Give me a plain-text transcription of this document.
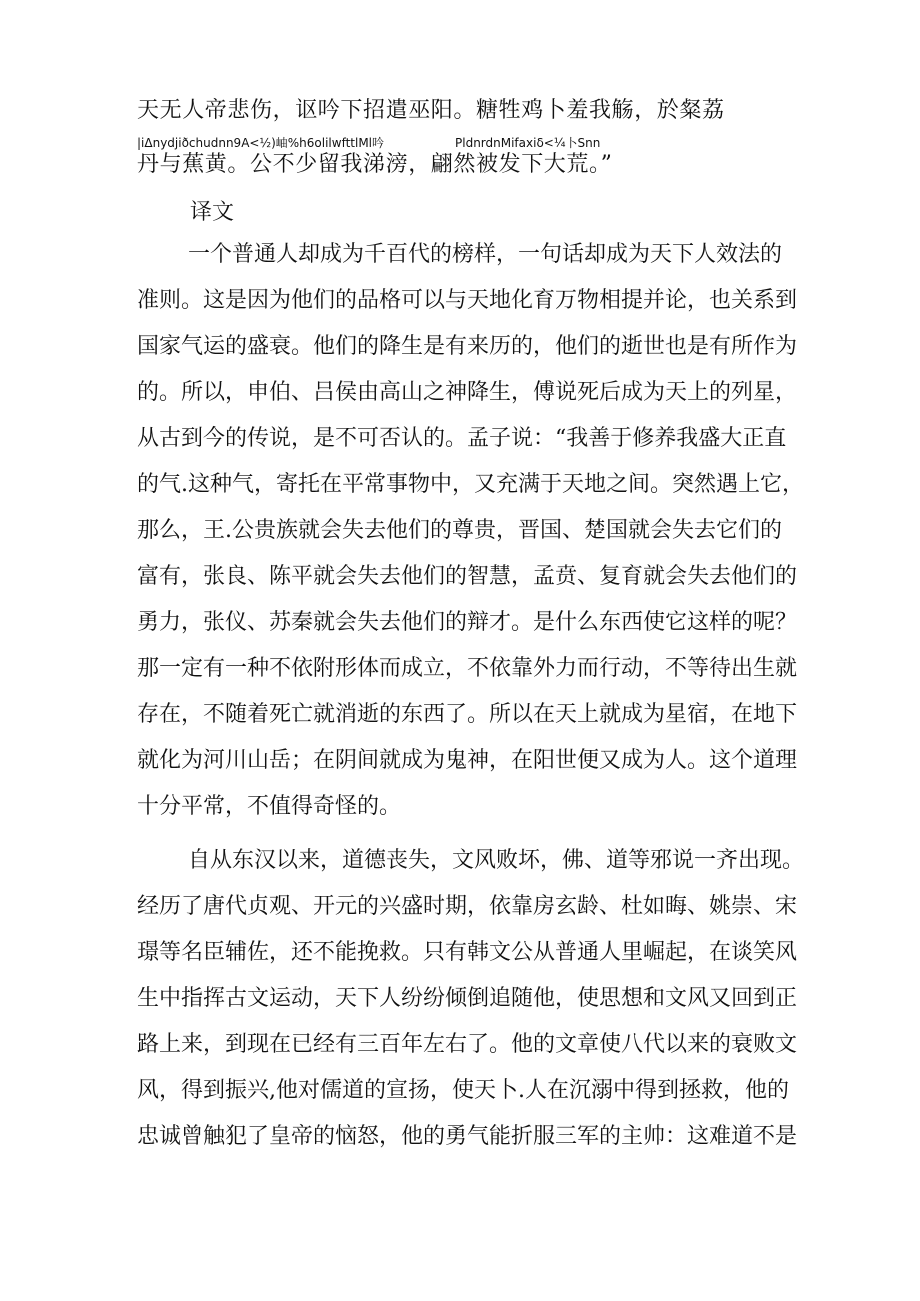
天无人帝悲伤，讴吟下招遣巫阳。糖牲鸡卜羞我觞，於粲荔
|iΔnydjiðchudnn9A<½)岫%h6olilwfttlMl吟	PldnrdnMifaxiδ<¼卜Snn
丹与蕉黄。公不少留我涕滂，翩然被发下大荒。”
译文
一个普通人却成为千百代的榜样，一句话却成为天下人效法的
准则。这是因为他们的品格可以与天地化育万物相提并论，也关系到
国家气运的盛衰。他们的降生是有来历的，他们的逝世也是有所作为
的。所以，申伯、吕侯由高山之神降生，傅说死后成为天上的列星，
从古到今的传说，是不可否认的。孟子说：“我善于修养我盛大正直
的气.这种气，寄托在平常事物中，又充满于天地之间。突然遇上它，
那么，王.公贵族就会失去他们的尊贵，晋国、楚国就会失去它们的
富有，张良、陈平就会失去他们的智慧，孟贲、复育就会失去他们的
勇力，张仪、苏秦就会失去他们的辩才。是什么东西使它这样的呢？
那一定有一种不依附形体而成立，不依靠外力而行动，不等待出生就
存在，不随着死亡就消逝的东西了。所以在天上就成为星宿，在地下
就化为河川山岳；在阴间就成为鬼神，在阳世便又成为人。这个道理
十分平常，不值得奇怪的。
自从东汉以来，道德丧失，文风败坏，佛、道等邪说一齐出现。
经历了唐代贞观、开元的兴盛时期，依靠房玄龄、杜如晦、姚崇、宋
璟等名臣辅佐，还不能挽救。只有韩文公从普通人里崛起，在谈笑风
生中指挥古文运动，天下人纷纷倾倒追随他，使思想和文风又回到正
路上来，到现在已经有三百年左右了。他的文章使八代以来的衰败文
风，得到振兴,他对儒道的宣扬，使天卜.人在沉溺中得到拯救，他的
忠诚曾触犯了皇帝的恼怒，他的勇气能折服三军的主帅：这难道不是
